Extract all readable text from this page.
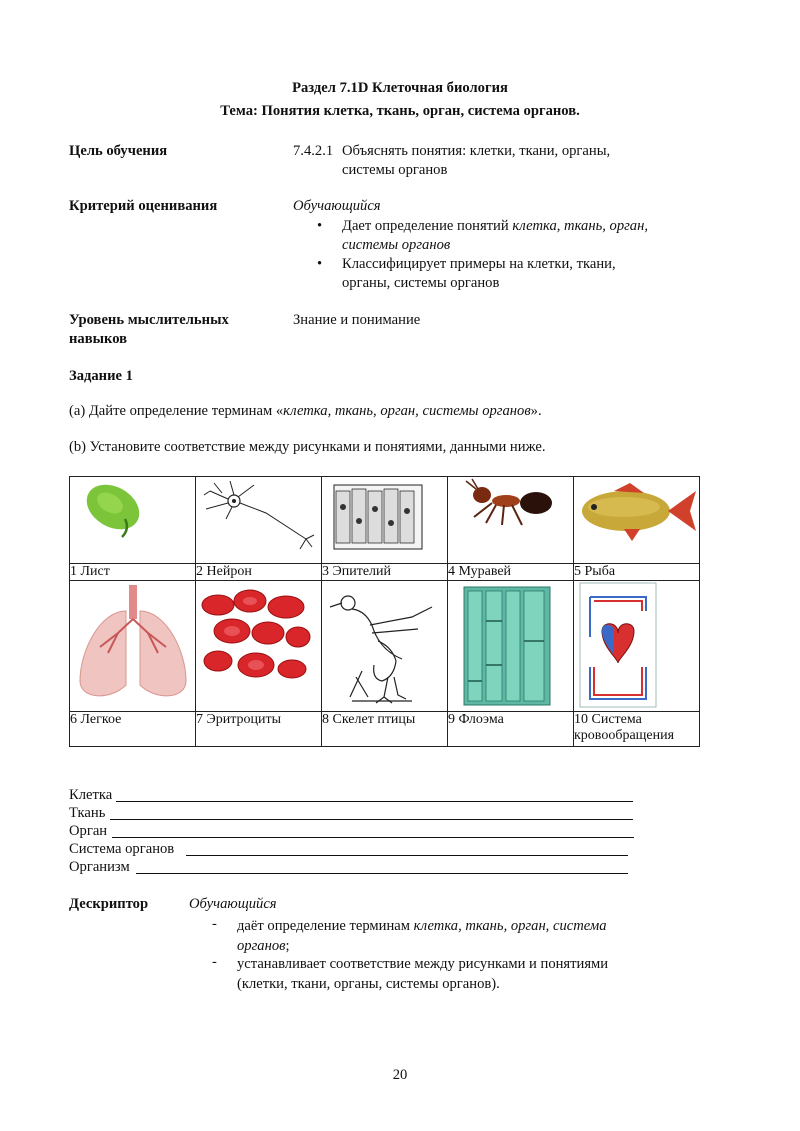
Раздел 7.1D Клеточная биология
Тема: Понятия клетка, ткань, орган, система органов.
Цель обучения	7.4.2.1 Объяснять понятия: клетки, ткани, органы,
системы органов
Критерий оценивания	Обучающийся
• Дает определение понятий клетка, ткань, орган,
системы органов
• Классифицирует примеры на клетки, ткани,
органы, системы органов
Уровень мыслительных
навыков
Знание и понимание
Задание 1
(a) Дайте определение терминам «клетка, ткань, орган, системы органов».
(b) Установите соответствие между рисунками и понятиями, данными ниже.

1 Лист	2 Нейрон	3 Эпителий	4 Муравей	5 Рыба

6 Легкое	7 Эритроциты	8 Скелет птицы	9 Флоэма	10 Система кровообращения
Клетка
Ткань
Орган
Система органов
Организм
Дескриптор	Обучающийся
- даёт определение терминам клетка, ткань, орган, система
органов;
- устанавливает соответствие между рисунками и понятиями
(клетки, ткани, органы, системы органов).
20
